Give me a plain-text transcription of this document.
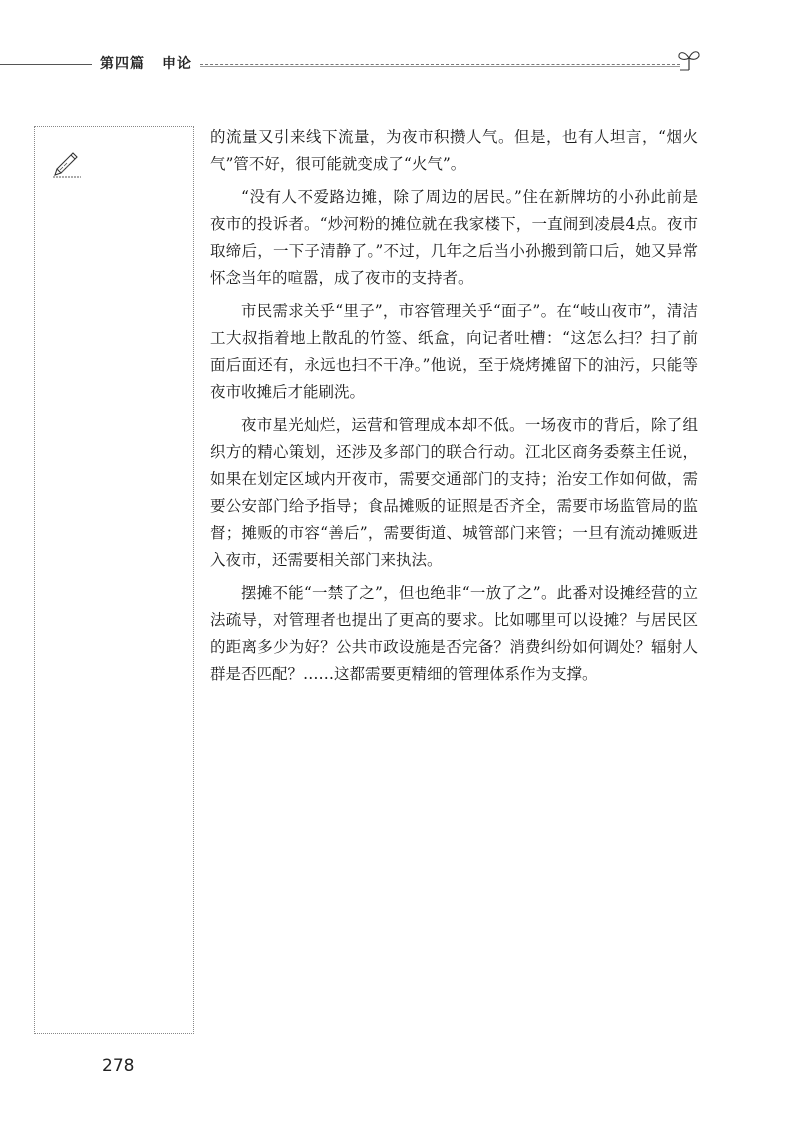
第四篇 申论

的流量又引来线下流量，为夜市积攒人气。但是，也有人坦言，“烟火气”管不好，很可能就变成了“火气”。

“没有人不爱路边摊，除了周边的居民。”住在新牌坊的小孙此前是夜市的投诉者。“炒河粉的摊位就在我家楼下，一直闹到凌晨4点。夜市取缔后，一下子清静了。”不过，几年之后当小孙搬到箭口后，她又异常怀念当年的喧嚣，成了夜市的支持者。

市民需求关乎“里子”，市容管理关乎“面子”。在“岐山夜市”，清洁工大叔指着地上散乱的竹签、纸盒，向记者吐槽：“这怎么扫？扫了前面后面还有，永远也扫不干净。”他说，至于烧烤摊留下的油污，只能等夜市收摊后才能刷洗。

夜市星光灿烂，运营和管理成本却不低。一场夜市的背后，除了组织方的精心策划，还涉及多部门的联合行动。江北区商务委蔡主任说，如果在划定区域内开夜市，需要交通部门的支持；治安工作如何做，需要公安部门给予指导；食品摊贩的证照是否齐全，需要市场监管局的监督；摊贩的市容“善后”，需要街道、城管部门来管；一旦有流动摊贩进入夜市，还需要相关部门来执法。

摆摊不能“一禁了之”，但也绝非“一放了之”。此番对设摊经营的立法疏导，对管理者也提出了更高的要求。比如哪里可以设摊？与居民区的距离多少为好？公共市政设施是否完备？消费纠纷如何调处？辐射人群是否匹配？……这都需要更精细的管理体系作为支撑。

278
